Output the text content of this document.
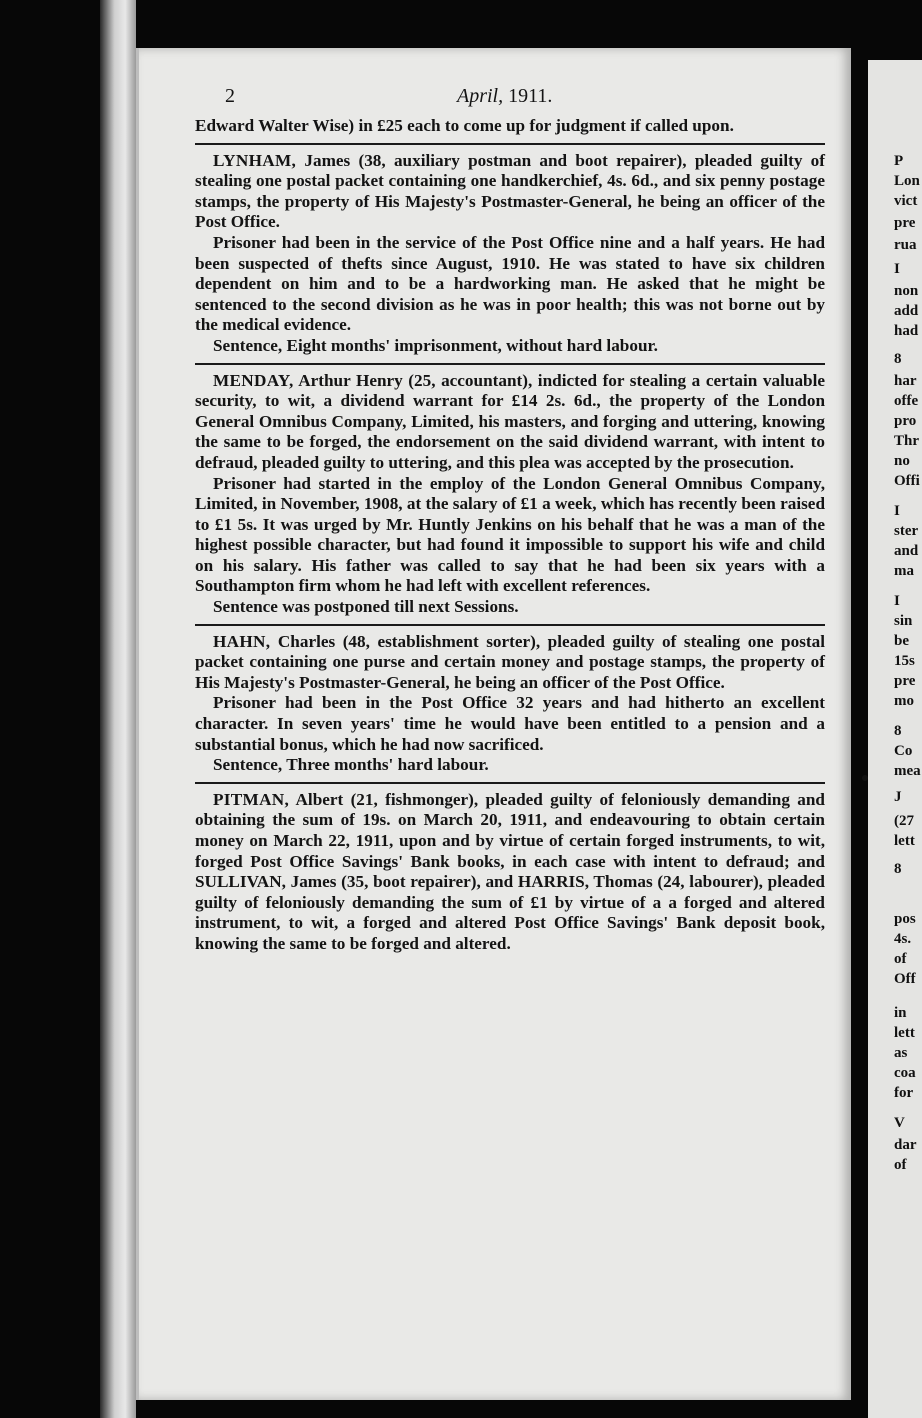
2	April, 1911.

Edward Walter Wise) in £25 each to come up for judgment if called upon.

LYNHAM, James (38, auxiliary postman and boot repairer), pleaded guilty of stealing one postal packet containing one handkerchief, 4s. 6d., and six penny postage stamps, the property of His Majesty's Postmaster-General, he being an officer of the Post Office.

Prisoner had been in the service of the Post Office nine and a half years. He had been suspected of thefts since August, 1910. He was stated to have six children dependent on him and to be a hardworking man. He asked that he might be sentenced to the second division as he was in poor health; this was not borne out by the medical evidence.

Sentence, Eight months' imprisonment, without hard labour.

MENDAY, Arthur Henry (25, accountant), indicted for stealing a certain valuable security, to wit, a dividend warrant for £14 2s. 6d., the property of the London General Omnibus Company, Limited, his masters, and forging and uttering, knowing the same to be forged, the endorsement on the said dividend warrant, with intent to defraud, pleaded guilty to uttering, and this plea was accepted by the prosecution.

Prisoner had started in the employ of the London General Omnibus Company, Limited, in November, 1908, at the salary of £1 a week, which has recently been raised to £1 5s. It was urged by Mr. Huntly Jenkins on his behalf that he was a man of the highest possible character, but had found it impossible to support his wife and child on his salary. His father was called to say that he had been six years with a Southampton firm whom he had left with excellent references.

Sentence was postponed till next Sessions.

HAHN, Charles (48, establishment sorter), pleaded guilty of stealing one postal packet containing one purse and certain money and postage stamps, the property of His Majesty's Postmaster-General, he being an officer of the Post Office.

Prisoner had been in the Post Office 32 years and had hitherto an excellent character. In seven years' time he would have been entitled to a pension and a substantial bonus, which he had now sacrificed.

Sentence, Three months' hard labour.

PITMAN, Albert (21, fishmonger), pleaded guilty of feloniously demanding and obtaining the sum of 19s. on March 20, 1911, and endeavouring to obtain certain money on March 22, 1911, upon and by virtue of certain forged instruments, to wit, forged Post Office Savings' Bank books, in each case with intent to defraud; and SULLIVAN, James (35, boot repairer), and HARRIS, Thomas (24, labourer), pleaded guilty of feloniously demanding the sum of £1 by virtue of a a forged and altered instrument, to wit, a forged and altered Post Office Savings' Bank deposit book, knowing the same to be forged and altered.

P
Lon
vict
pre
rua
I
non
add
had
8
har
offe
pro
Thr
no
Offi
I
ster
and
ma
I
sin
be
15s
pre
mo
8
Co
mea
J
(27
lett
8
pos
4s.
of
Off
in
lett
as
coa
for
V
dar
of
